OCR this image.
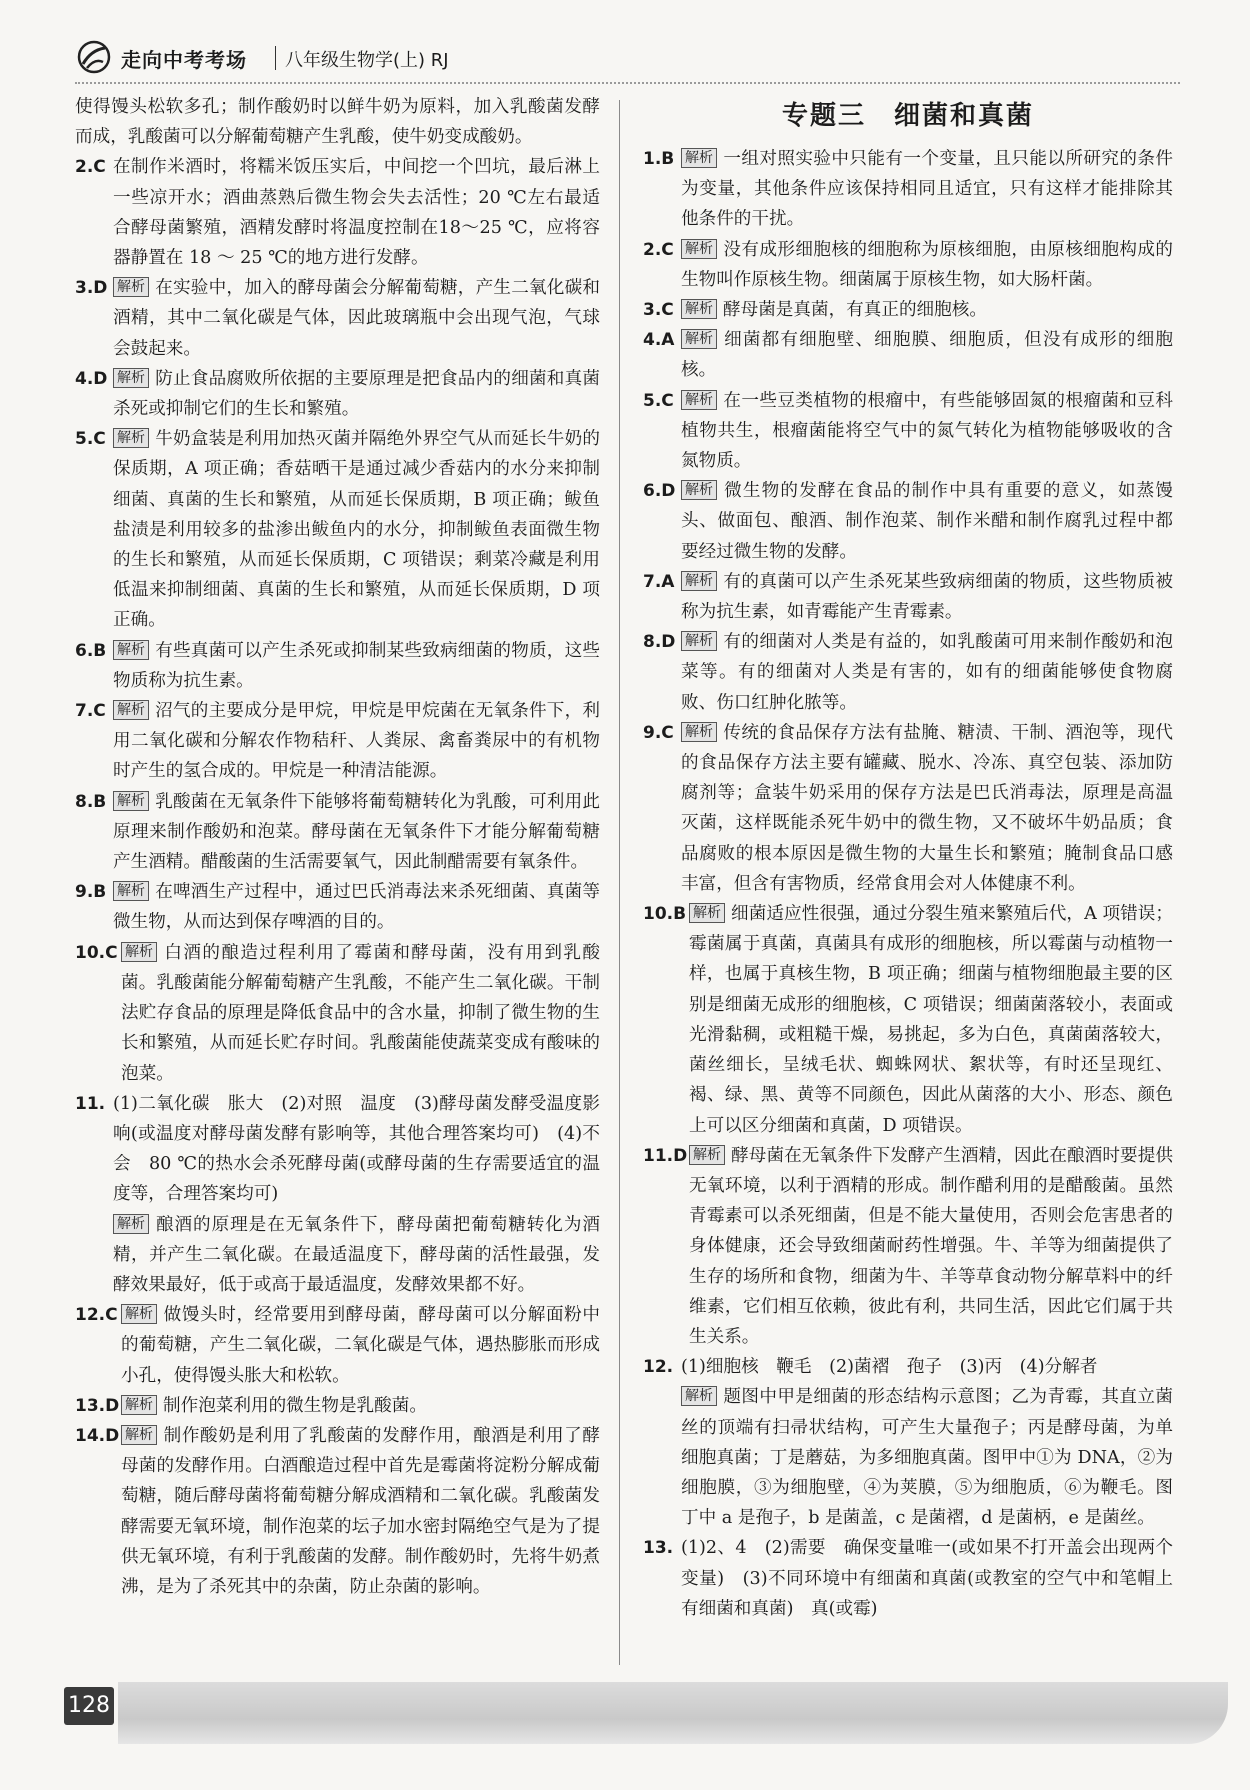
走向中考考场 八年级生物学(上) RJ
使得馒头松软多孔；制作酸奶时以鲜牛奶为原料，加入乳酸菌发酵而成，乳酸菌可以分解葡萄糖产生乳酸，使牛奶变成酸奶。
2.C 在制作米酒时，将糯米饭压实后，中间挖一个凹坑，最后淋上一些凉开水；酒曲蒸熟后微生物会失去活性；20 ℃左右最适合酵母菌繁殖，酒精发酵时将温度控制在18～25 ℃，应将容器静置在 18 ～ 25 ℃的地方进行发酵。
3.D 解析 在实验中，加入的酵母菌会分解葡萄糖，产生二氧化碳和酒精，其中二氧化碳是气体，因此玻璃瓶中会出现气泡，气球会鼓起来。
4.D 解析 防止食品腐败所依据的主要原理是把食品内的细菌和真菌杀死或抑制它们的生长和繁殖。
5.C 解析 牛奶盒装是利用加热灭菌并隔绝外界空气从而延长牛奶的保质期，A 项正确；香菇晒干是通过减少香菇内的水分来抑制细菌、真菌的生长和繁殖，从而延长保质期，B 项正确；鲅鱼盐渍是利用较多的盐渗出鲅鱼内的水分，抑制鲅鱼表面微生物的生长和繁殖，从而延长保质期，C 项错误；剩菜冷藏是利用低温来抑制细菌、真菌的生长和繁殖，从而延长保质期，D 项正确。
6.B 解析 有些真菌可以产生杀死或抑制某些致病细菌的物质，这些物质称为抗生素。
7.C 解析 沼气的主要成分是甲烷，甲烷是甲烷菌在无氧条件下，利用二氧化碳和分解农作物秸秆、人粪尿、禽畜粪尿中的有机物时产生的氢合成的。甲烷是一种清洁能源。
8.B 解析 乳酸菌在无氧条件下能够将葡萄糖转化为乳酸，可利用此原理来制作酸奶和泡菜。酵母菌在无氧条件下才能分解葡萄糖产生酒精。醋酸菌的生活需要氧气，因此制醋需要有氧条件。
9.B 解析 在啤酒生产过程中，通过巴氏消毒法来杀死细菌、真菌等微生物，从而达到保存啤酒的目的。
10.C 解析 白酒的酿造过程利用了霉菌和酵母菌，没有用到乳酸菌。乳酸菌能分解葡萄糖产生乳酸，不能产生二氧化碳。干制法贮存食品的原理是降低食品中的含水量，抑制了微生物的生长和繁殖，从而延长贮存时间。乳酸菌能使蔬菜变成有酸味的泡菜。
11. (1)二氧化碳　胀大　(2)对照　温度　(3)酵母菌发酵受温度影响(或温度对酵母菌发酵有影响等，其他合理答案均可)　(4)不会　80 ℃的热水会杀死酵母菌(或酵母菌的生存需要适宜的温度等，合理答案均可)
解析 酿酒的原理是在无氧条件下，酵母菌把葡萄糖转化为酒精，并产生二氧化碳。在最适温度下，酵母菌的活性最强，发酵效果最好，低于或高于最适温度，发酵效果都不好。
12.C 解析 做馒头时，经常要用到酵母菌，酵母菌可以分解面粉中的葡萄糖，产生二氧化碳，二氧化碳是气体，遇热膨胀而形成小孔，使得馒头胀大和松软。
13.D 解析 制作泡菜利用的微生物是乳酸菌。
14.D 解析 制作酸奶是利用了乳酸菌的发酵作用，酿酒是利用了酵母菌的发酵作用。白酒酿造过程中首先是霉菌将淀粉分解成葡萄糖，随后酵母菌将葡萄糖分解成酒精和二氧化碳。乳酸菌发酵需要无氧环境，制作泡菜的坛子加水密封隔绝空气是为了提供无氧环境，有利于乳酸菌的发酵。制作酸奶时，先将牛奶煮沸，是为了杀死其中的杂菌，防止杂菌的影响。
专题三　细菌和真菌
1.B 解析 一组对照实验中只能有一个变量，且只能以所研究的条件为变量，其他条件应该保持相同且适宜，只有这样才能排除其他条件的干扰。
2.C 解析 没有成形细胞核的细胞称为原核细胞，由原核细胞构成的生物叫作原核生物。细菌属于原核生物，如大肠杆菌。
3.C 解析 酵母菌是真菌，有真正的细胞核。
4.A 解析 细菌都有细胞壁、细胞膜、细胞质，但没有成形的细胞核。
5.C 解析 在一些豆类植物的根瘤中，有些能够固氮的根瘤菌和豆科植物共生，根瘤菌能将空气中的氮气转化为植物能够吸收的含氮物质。
6.D 解析 微生物的发酵在食品的制作中具有重要的意义，如蒸馒头、做面包、酿酒、制作泡菜、制作米醋和制作腐乳过程中都要经过微生物的发酵。
7.A 解析 有的真菌可以产生杀死某些致病细菌的物质，这些物质被称为抗生素，如青霉能产生青霉素。
8.D 解析 有的细菌对人类是有益的，如乳酸菌可用来制作酸奶和泡菜等。有的细菌对人类是有害的，如有的细菌能够使食物腐败、伤口红肿化脓等。
9.C 解析 传统的食品保存方法有盐腌、糖渍、干制、酒泡等，现代的食品保存方法主要有罐藏、脱水、冷冻、真空包装、添加防腐剂等；盒装牛奶采用的保存方法是巴氏消毒法，原理是高温灭菌，这样既能杀死牛奶中的微生物，又不破坏牛奶品质；食品腐败的根本原因是微生物的大量生长和繁殖；腌制食品口感丰富，但含有害物质，经常食用会对人体健康不利。
10.B 解析 细菌适应性很强，通过分裂生殖来繁殖后代，A 项错误；霉菌属于真菌，真菌具有成形的细胞核，所以霉菌与动植物一样，也属于真核生物，B 项正确；细菌与植物细胞最主要的区别是细菌无成形的细胞核，C 项错误；细菌菌落较小，表面或光滑黏稠，或粗糙干燥，易挑起，多为白色，真菌菌落较大，菌丝细长，呈绒毛状、蜘蛛网状、絮状等，有时还呈现红、褐、绿、黑、黄等不同颜色，因此从菌落的大小、形态、颜色上可以区分细菌和真菌，D 项错误。
11.D 解析 酵母菌在无氧条件下发酵产生酒精，因此在酿酒时要提供无氧环境，以利于酒精的形成。制作醋利用的是醋酸菌。虽然青霉素可以杀死细菌，但是不能大量使用，否则会危害患者的身体健康，还会导致细菌耐药性增强。牛、羊等为细菌提供了生存的场所和食物，细菌为牛、羊等草食动物分解草料中的纤维素，它们相互依赖，彼此有利，共同生活，因此它们属于共生关系。
12. (1)细胞核　鞭毛　(2)菌褶　孢子　(3)丙　(4)分解者
解析 题图中甲是细菌的形态结构示意图；乙为青霉，其直立菌丝的顶端有扫帚状结构，可产生大量孢子；丙是酵母菌，为单细胞真菌；丁是蘑菇，为多细胞真菌。图甲中①为 DNA，②为细胞膜，③为细胞壁，④为荚膜，⑤为细胞质，⑥为鞭毛。图丁中 a 是孢子，b 是菌盖，c 是菌褶，d 是菌柄，e 是菌丝。
13. (1)2、4　(2)需要　确保变量唯一(或如果不打开盖会出现两个变量)　(3)不同环境中有细菌和真菌(或教室的空气中和笔帽上有细菌和真菌)　真(或霉)
128
